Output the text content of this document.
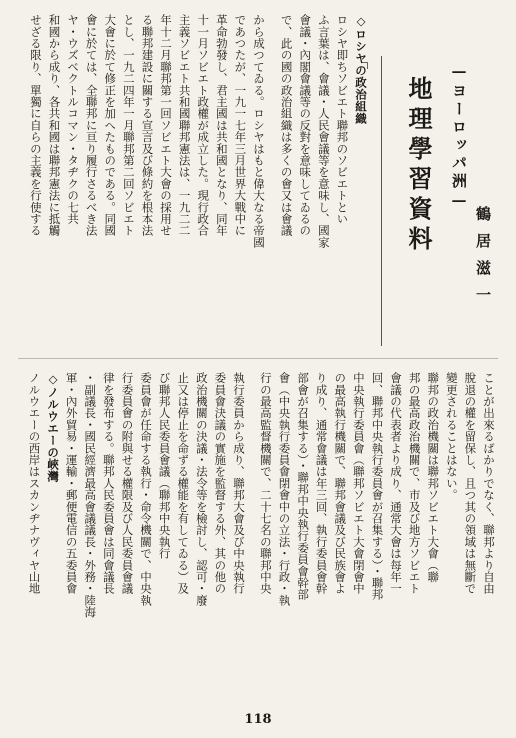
地理學習資料 —ヨーロッパ洲—
鶴居滋一
◇ロシヤの政治組織
ロシヤ即ちソビエト聯邦のソビエトとい
ふ言葉は、會議・人民會議等を意味し、國家
會議・內閣會議等の反對を意味してゐるの
で、此の國の政治組織は多くの會又は會議
から成つてゐる。ロシヤはもと偉大なる帝國
であつたが、一九一七年三月世界大戰中に
革命勃發し、君主國は共和國となり、同年
十一月ソビエト政權が成立した。現行政合
主義ソビエト共和國聯邦憲法は、一九二二
年十二月聯邦第一回ソビエト大會の採用せ
る聯邦建設に關する宣言及び條約を根本法
とし、一九二四年一月聯邦第二回ソビエト
大會に於て修正を加へたものである。同國
會に於ては、全聯邦に亘り履行さるべき法
ヤ・ウズベクトルコマン・タヂクの七共
和國から成り、各共和國は聯邦憲法に抵觸
せざる限り、單獨に自らの主義を行使する
ことが出來るばかりでなく、聯邦より自由
脫退の權を留保し、且つ其の領域は無斷で
變更されることはない。
聯邦の政治機關は聯邦ソビエト大會（聯
邦の最高政治機關で、市及び地方ソビエト
會議の代表者より成り、通常大會は每年一
回、聯邦中央執行委員會が召集する）・聯邦
中央執行委員會（聯邦ソビエト大會閉會中
の最高執行機關で、聯邦會議及び民族會よ
り成り、通常會議は年三回、執行委員會幹
部會が召集する）・聯邦中央執行委員會幹部
會（中央執行委員會閉會中の立法・行政・執
行の最高監督機關で、二十七名の聯邦中央
執行委員から成り、聯邦大會及び中央執行
委員會決議の實施を監督する外、其の他の
政治機關の決議・法令等を檢討し、認可・廢
止又は停止を命ずる權能を有してゐる）及
び聯邦人民委員會議（聯邦中央執行
委員會が任命する執行・命令機關で、中央執
行委員會の附與せる權限及び人民委員會議
律を發布する。聯邦人民委員會は同會議長
・副議長・國民經濟最高會議議長・外務・陸海
軍・內外貿易・運輸・郵便電信の五委員會
◇ノルウエーの峽灣
ノルウエーの西岸はスカンヂナヴィヤ山地
118
